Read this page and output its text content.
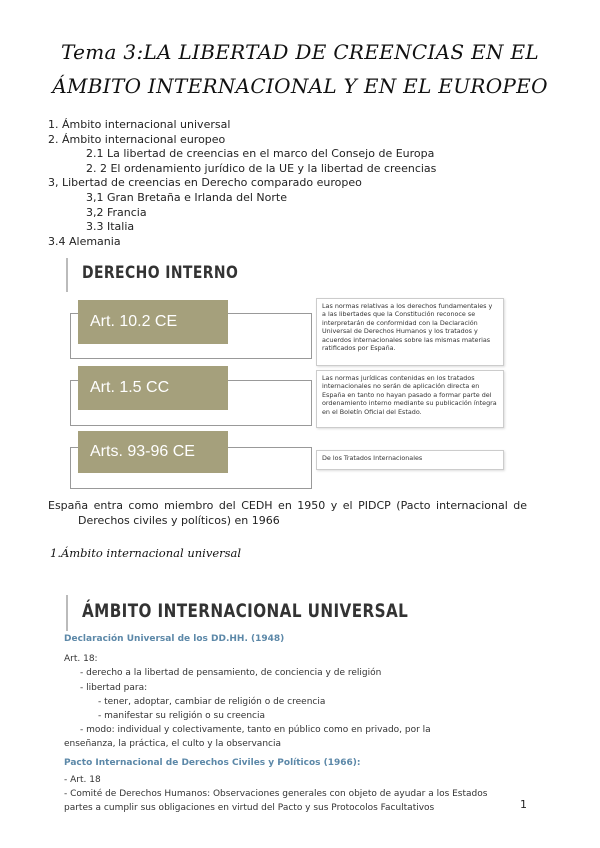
Tema 3:LA LIBERTAD DE CREENCIAS EN EL
ÁMBITO INTERNACIONAL Y EN EL EUROPEO
1. Ámbito internacional universal
2. Ámbito internacional europeo
2.1 La libertad de creencias en el marco del Consejo de Europa
2. 2 El ordenamiento jurídico de la UE y la libertad de creencias
3, Libertad de creencias en Derecho comparado europeo
3,1 Gran Bretaña e Irlanda del Norte
3,2 Francia
3.3 Italia
3.4 Alemania
DERECHO INTERNO
Art. 10.2 CE
Las normas relativas a los derechos fundamentales y a las libertades que la Constitución reconoce se interpretarán de conformidad con la Declaración Universal de Derechos Humanos y los tratados y acuerdos internacionales sobre las mismas materias ratificados por España.
Art. 1.5 CC
Las normas jurídicas contenidas en los tratados internacionales no serán de aplicación directa en España en tanto no hayan pasado a formar parte del ordenamiento interno mediante su publicación íntegra en el Boletín Oficial del Estado.
Arts. 93-96 CE	De los Tratados Internacionales
España entra como miembro del CEDH en 1950 y el PIDCP (Pacto internacional de
Derechos civiles y políticos) en 1966
1.Ámbito internacional universal
ÁMBITO INTERNACIONAL UNIVERSAL
Declaración Universal de los DD.HH. (1948)
Art. 18:
- derecho a la libertad de pensamiento, de conciencia y de religión
- libertad para:
- tener, adoptar, cambiar de religión o de creencia
- manifestar su religión o su creencia
- modo: individual y colectivamente, tanto en público como en privado, por la
enseñanza, la práctica, el culto y la observancia
Pacto Internacional de Derechos Civiles y Políticos (1966):
- Art. 18
- Comité de Derechos Humanos: Observaciones generales con objeto de ayudar a los Estados
partes a cumplir sus obligaciones en virtud del Pacto y sus Protocolos Facultativos	1
